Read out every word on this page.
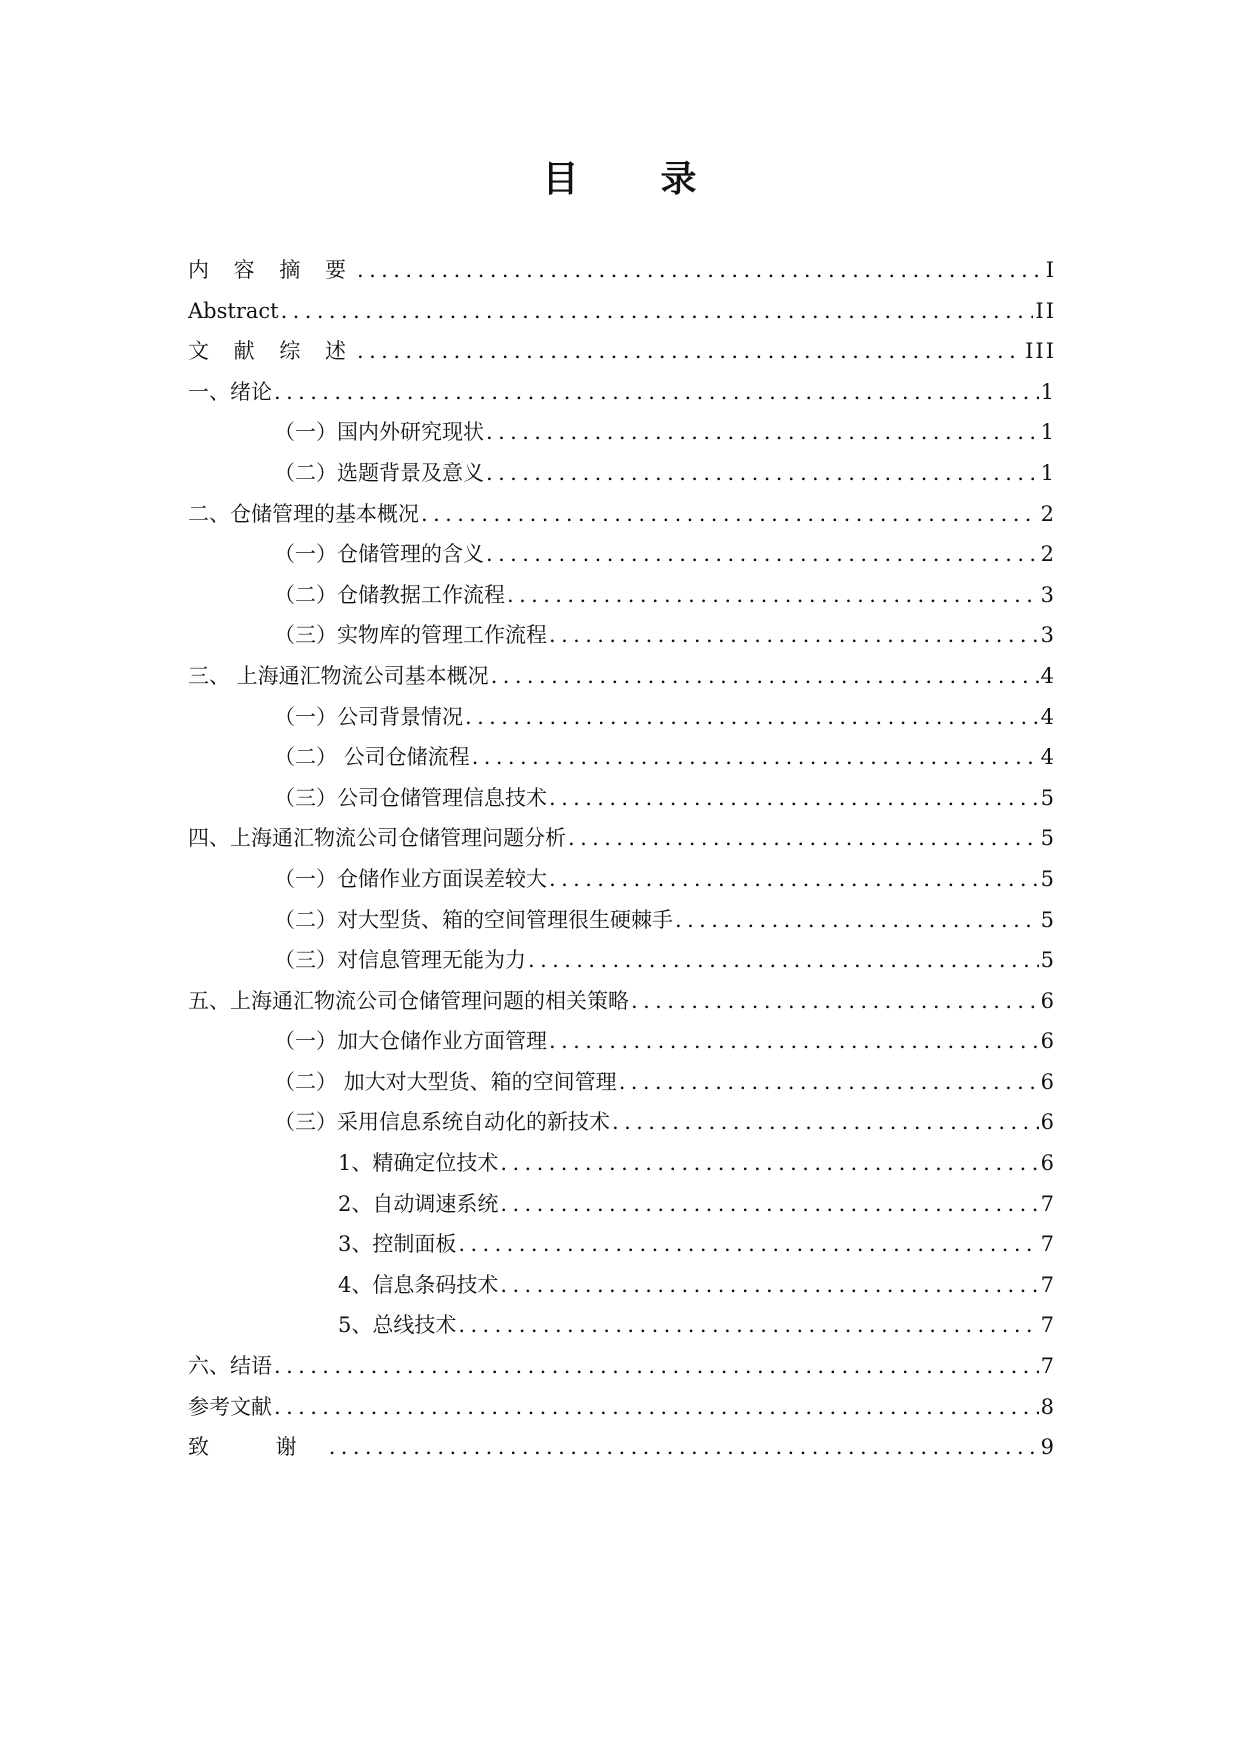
目 录
内 容 摘 要 .....	I
Abstract .....	II
文 献 综 述 .....	III
一、绪论 .....	1
（一）国内外研究现状 .....	1
（二）选题背景及意义 .....	1
二、仓储管理的基本概况 .....	2
（一）仓储管理的含义 .....	2
（二）仓储教据工作流程 .....	3
（三）实物库的管理工作流程 .....	3
三、 上海通汇物流公司基本概况 .....	4
（一）公司背景情况 .....	4
（二） 公司仓储流程 .....	4
（三）公司仓储管理信息技术 .....	5
四、上海通汇物流公司仓储管理问题分析 .....	5
（一）仓储作业方面误差较大 .....	5
（二）对大型货、箱的空间管理很生硬棘手 .....	5
（三）对信息管理无能为力 .....	5
五、上海通汇物流公司仓储管理问题的相关策略 .....	6
（一）加大仓储作业方面管理 .....	6
（二） 加大对大型货、箱的空间管理 .....	6
（三）采用信息系统自动化的新技术 .....	6
1、精确定位技术 .....	6
2、自动调速系统 .....	7
3、控制面板 .....	7
4、信息条码技术 .....	7
5、总线技术 .....	7
六、结语 .....	7
参考文献 .....	8
致 谢 .....	9
